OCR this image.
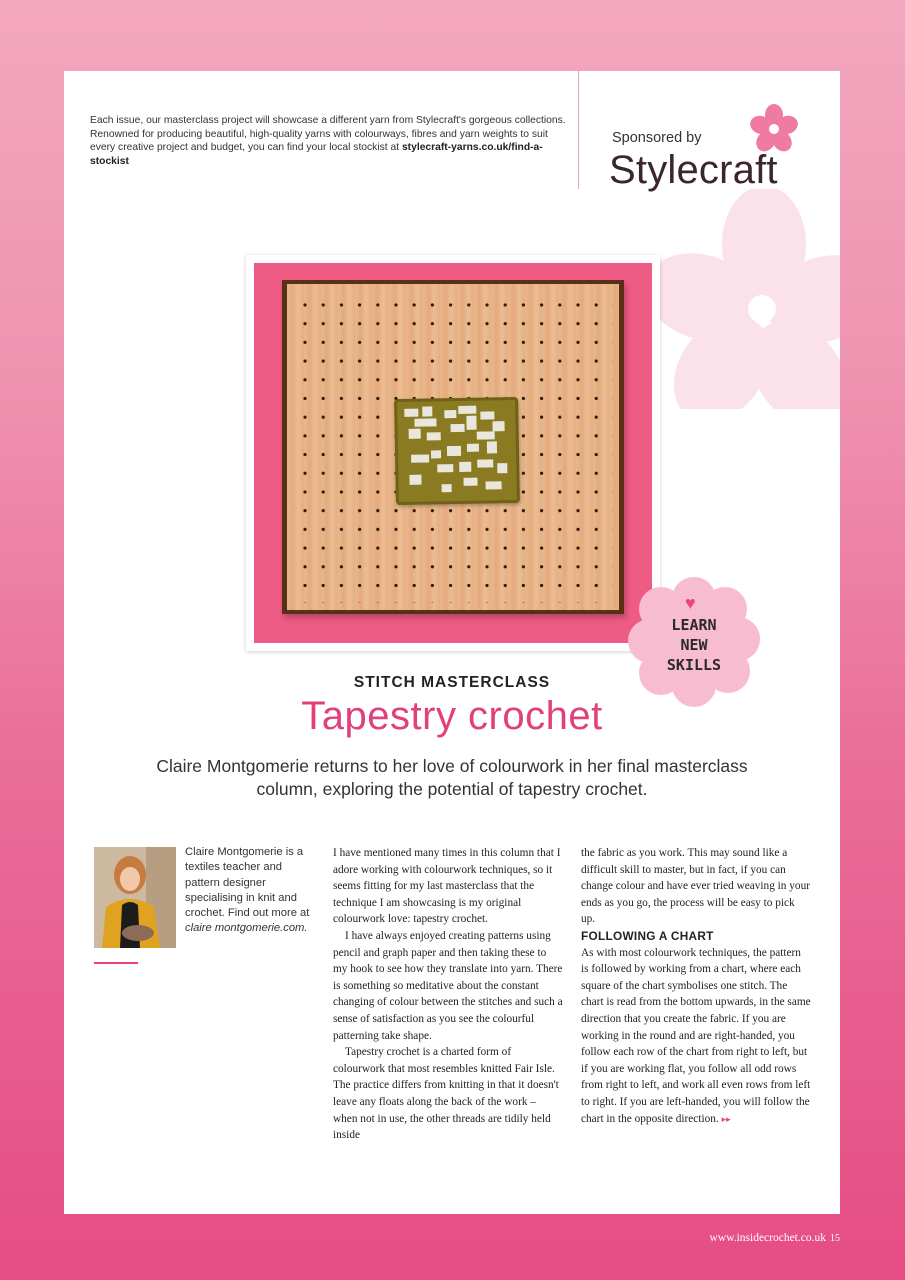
Each issue, our masterclass project will showcase a different yarn from Stylecraft's gorgeous collections. Renowned for producing beautiful, high-quality yarns with colourways, fibres and yarn weights to suit every creative project and budget, you can find your local stockist at stylecraft-yarns.co.uk/find-a-stockist
Sponsored by
Stylecraft
♥
LEARN
NEW
SKILLS
STITCH MASTERCLASS
Tapestry crochet
Claire Montgomerie returns to her love of colourwork in her final masterclass column, exploring the potential of tapestry crochet.
Claire Montgomerie is a textiles teacher and pattern designer specialising in knit and crochet. Find out more at claire montgomerie.com.

I have mentioned many times in this column that I adore working with colourwork techniques, so it seems fitting for my last masterclass that the technique I am showcasing is my original colourwork love: tapestry crochet.

I have always enjoyed creating patterns using pencil and graph paper and then taking these to my hook to see how they translate into yarn. There is something so meditative about the constant changing of colour between the stitches and such a sense of satisfaction as you see the colourful patterning take shape.

Tapestry crochet is a charted form of colourwork that most resembles knitted Fair Isle. The practice differs from knitting in that it doesn't leave any floats along the back of the work – when not in use, the other threads are tidily held inside

the fabric as you work. This may sound like a difficult skill to master, but in fact, if you can change colour and have ever tried weaving in your ends as you go, the process will be easy to pick up.

FOLLOWING A CHART

As with most colourwork techniques, the pattern is followed by working from a chart, where each square of the chart symbolises one stitch. The chart is read from the bottom upwards, in the same direction that you create the fabric. If you are working in the round and are right-handed, you follow each row of the chart from right to left, but if you are working flat, you follow all odd rows from right to left, and work all even rows from left to right. If you are left-handed, you will follow the chart in the opposite direction. ▸▸

www.insidecrochet.co.uk 15
